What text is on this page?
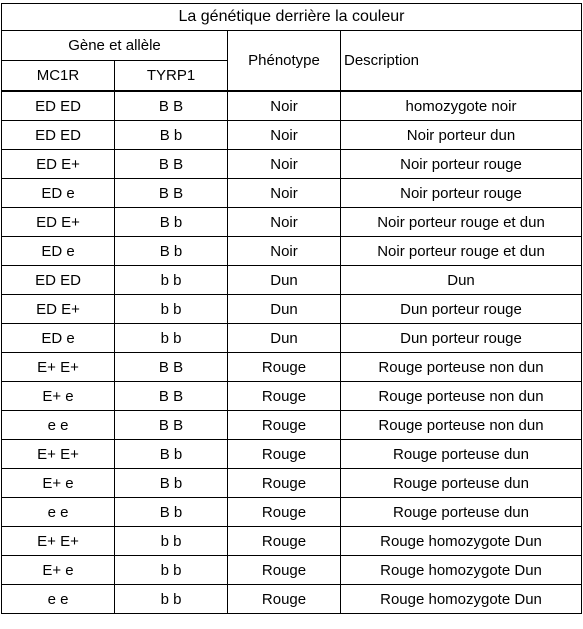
La génétique derrière la couleur			
Gène et allèle		Phénotype	Description
MC1R	TYRP1		
ED ED	B B	Noir	homozygote noir
ED ED	B b	Noir	Noir porteur dun
ED E+	B B	Noir	Noir porteur rouge
ED e	B B	Noir	Noir porteur rouge
ED E+	B b	Noir	Noir porteur rouge et dun
ED e	B b	Noir	Noir porteur rouge et dun
ED ED	b b	Dun	Dun
ED E+	b b	Dun	Dun porteur rouge
ED e	b b	Dun	Dun porteur rouge
E+ E+	B B	Rouge	Rouge porteuse non dun
E+ e	B B	Rouge	Rouge porteuse non dun
e e	B B	Rouge	Rouge porteuse non dun
E+ E+	B b	Rouge	Rouge porteuse dun
E+ e	B b	Rouge	Rouge porteuse dun
e e	B b	Rouge	Rouge porteuse dun
E+ E+	b b	Rouge	Rouge homozygote Dun
E+ e	b b	Rouge	Rouge homozygote Dun
e e	b b	Rouge	Rouge homozygote Dun
